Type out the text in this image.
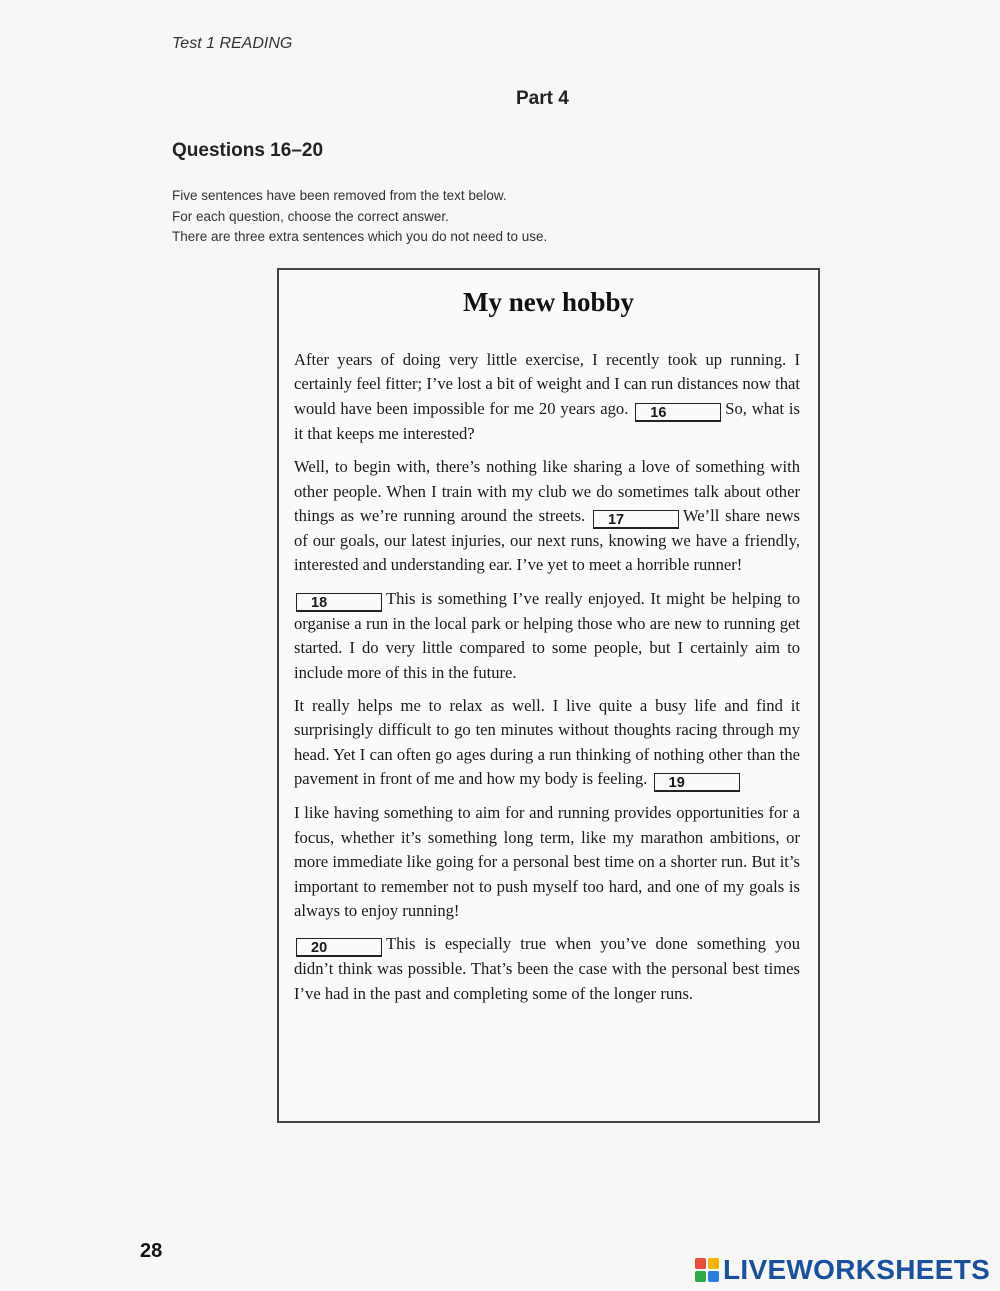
Test 1 READING
Part 4
Questions 16–20
Five sentences have been removed from the text below.
For each question, choose the correct answer.
There are three extra sentences which you do not need to use.
My new hobby

After years of doing very little exercise, I recently took up running. I certainly feel fitter; I’ve lost a bit of weight and I can run distances now that would have been impossible for me 20 years ago. 16	So, what is it that keeps me interested?

Well, to begin with, there’s nothing like sharing a love of something with other people. When I train with my club we do sometimes talk about other things as we’re running around the streets. 17	We’ll share news of our goals, our latest injuries, our next runs, knowing we have a friendly, interested and understanding ear. I’ve yet to meet a horrible runner!

18	This is something I’ve really enjoyed. It might be helping to organise a run in the local park or helping those who are new to running get started. I do very little compared to some people, but I certainly aim to include more of this in the future.

It really helps me to relax as well. I live quite a busy life and find it surprisingly difficult to go ten minutes without thoughts racing through my head. Yet I can often go ages during a run thinking of nothing other than the pavement in front of me and how my body is feeling. 19

I like having something to aim for and running provides opportunities for a focus, whether it’s something long term, like my marathon ambitions, or more immediate like going for a personal best time on a shorter run. But it’s important to remember not to push myself too hard, and one of my goals is always to enjoy running!

20	This is especially true when you’ve done something you didn’t think was possible. That’s been the case with the personal best times I’ve had in the past and completing some of the longer runs.

28
LIVEWORKSHEETS
